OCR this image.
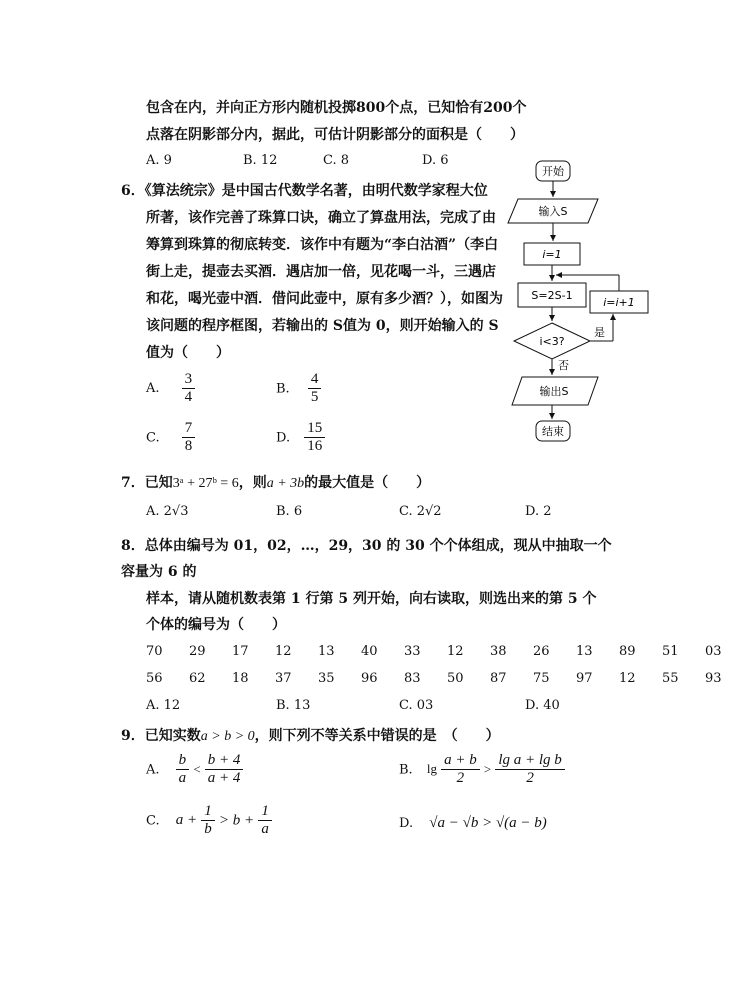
包含在内，并向正方形内随机投掷800个点，已知恰有200个
点落在阴影部分内，据此，可估计阴影部分的面积是（　　）
A. 9	B. 12	C. 8	D. 6
6．《算法统宗》是中国古代数学名著，由明代数学家程大位
所著，该作完善了珠算口诀，确立了算盘用法，完成了由
筹算到珠算的彻底转变．该作中有题为“李白沽酒”（李白
街上走，提壶去买酒．遇店加一倍，见花喝一斗，三遇店
和花，喝光壶中酒．借问此壶中，原有多少酒？），如图为
该问题的程序框图，若输出的 S值为 0，则开始输入的 S
值为（　　）
A. $\frac{3}{4}$	B. $\frac{4}{5}$
C. $\frac{7}{8}$	D. $\frac{15}{16}$
开始
输入S
i=1
S=2S-1
i<3?
是
i=i+1
否
输出S
结束
7．已知3ᵃ + 27ᵇ = 6，则a + 3b的最大值是（　　）
A. 2√3	B. 6	C. 2√2	D. 2
8．总体由编号为 01，02，…，29，30 的 30 个个体组成，现从中抽取一个
容量为 6 的
样本，请从随机数表第 1 行第 5 列开始，向右读取，则选出来的第 5 个
个体的编号为（　　）
70 29 17 12 13 40 33 12 38 26 13 89 51 03
56 62 18 37 35 96 83 50 87 75 97 12 55 93
A. 12	B. 13	C. 03	D. 40
9．已知实数a > b > 0，则下列不等关系中错误的是　（　　）
A. $\frac{b}{a} < \frac{b + 4}{a + 4}$	B. $\lg \frac{a + b}{2} > \frac{\text{lg a + lg b}}{2}$
C. $a + \frac{1}{b} > b + \frac{1}{a}$	D. √a − √b > √(a − b)
